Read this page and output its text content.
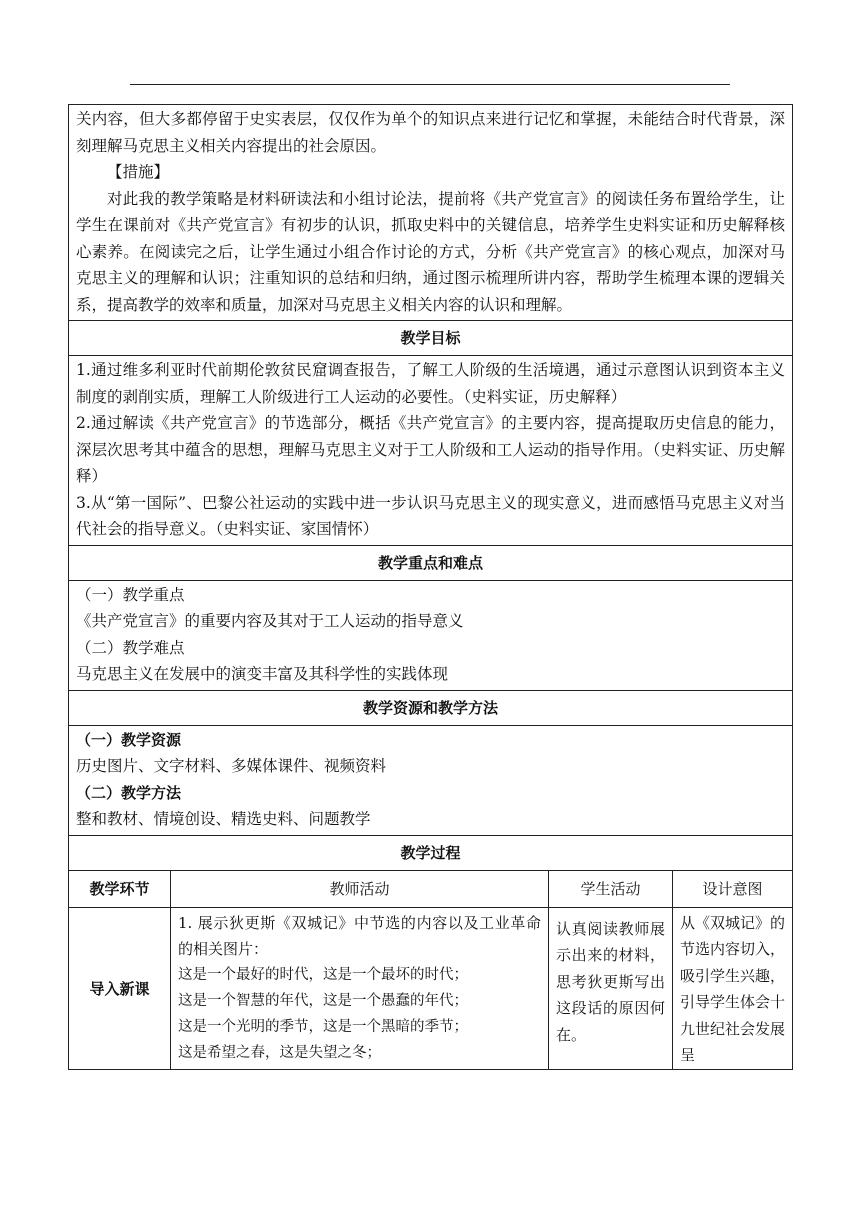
关内容，但大多都停留于史实表层，仅仅作为单个的知识点来进行记忆和掌握，未能结合时代背景，深刻理解马克思主义相关内容提出的社会原因。

【措施】

对此我的教学策略是材料研读法和小组讨论法，提前将《共产党宣言》的阅读任务布置给学生，让学生在课前对《共产党宣言》有初步的认识，抓取史料中的关键信息，培养学生史料实证和历史解释核心素养。在阅读完之后，让学生通过小组合作讨论的方式，分析《共产党宣言》的核心观点，加深对马克思主义的理解和认识；注重知识的总结和归纳，通过图示梳理所讲内容，帮助学生梳理本课的逻辑关系，提高教学的效率和质量，加深对马克思主义相关内容的认识和理解。			

教学目标			

1.通过维多利亚时代前期伦敦贫民窟调查报告，了解工人阶级的生活境遇，通过示意图认识到资本主义制度的剥削实质，理解工人阶级进行工人运动的必要性。（史料实证，历史解释）

2.通过解读《共产党宣言》的节选部分，概括《共产党宣言》的主要内容，提高提取历史信息的能力，深层次思考其中蕴含的思想，理解马克思主义对于工人阶级和工人运动的指导作用。（史料实证、历史解释）

3.从“第一国际”、巴黎公社运动的实践中进一步认识马克思主义的现实意义，进而感悟马克思主义对当代社会的指导意义。（史料实证、家国情怀）			

教学重点和难点			

（一）教学重点

《共产党宣言》的重要内容及其对于工人运动的指导意义

（二）教学难点

马克思主义在发展中的演变丰富及其科学性的实践体现			

教学资源和教学方法			

（一）教学资源

历史图片、文字材料、多媒体课件、视频资料

（二）教学方法

整和教材、情境创设、精选史料、问题教学			

教学过程			
教学环节	教师活动	学生活动	设计意图
导入新课	1. 展示狄更斯《双城记》中节选的内容以及工业革命的相关图片：

这是一个最好的时代，这是一个最坏的时代；

这是一个智慧的年代，这是一个愚蠢的年代；

这是一个光明的季节，这是一个黑暗的季节；

这是希望之春，这是失望之冬；	认真阅读教师展示出来的材料，思考狄更斯写出这段话的原因何在。	从《双城记》的节选内容切入，吸引学生兴趣，引导学生体会十九世纪社会发展呈
